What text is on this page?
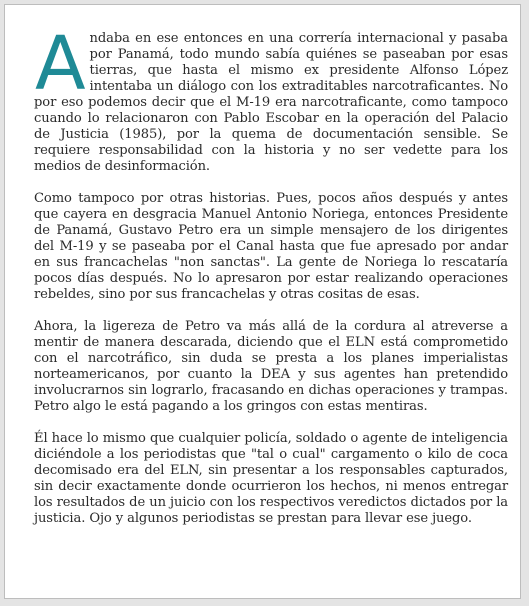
Andaba en ese entonces en una correría internacional y pasaba por Panamá, todo mundo sabía quiénes se paseaban por esas tierras, que hasta el mismo ex presidente Alfonso López intentaba un diálogo con los extraditables narcotraficantes. No por eso podemos decir que el M-19 era narcotraficante, como tampoco cuando lo relacionaron con Pablo Escobar en la operación del Palacio de Justicia (1985), por la quema de documentación sensible. Se requiere responsabilidad con la historia y no ser vedette para los medios de desinformación.

Como tampoco por otras historias. Pues, pocos años después y antes que cayera en desgracia Manuel Antonio Noriega, entonces Presidente de Panamá, Gustavo Petro era un simple mensajero de los dirigentes del M-19 y se paseaba por el Canal hasta que fue apresado por andar en sus francachelas "non sanctas". La gente de Noriega lo rescataría pocos días después. No lo apresaron por estar realizando operaciones rebeldes, sino por sus francachelas y otras cositas de esas.

Ahora, la ligereza de Petro va más allá de la cordura al atreverse a mentir de manera descarada, diciendo que el ELN está comprometido con el narcotráfico, sin duda se presta a los planes imperialistas norteamericanos, por cuanto la DEA y sus agentes han pretendido involucrarnos sin lograrlo, fracasando en dichas operaciones y trampas. Petro algo le está pagando a los gringos con estas mentiras.

Él hace lo mismo que cualquier policía, soldado o agente de inteligencia diciéndole a los periodistas que "tal o cual" cargamento o kilo de coca decomisado era del ELN, sin presentar a los responsables capturados, sin decir exactamente donde ocurrieron los hechos, ni menos entregar los resultados de un juicio con los respectivos veredictos dictados por la justicia. Ojo y algunos periodistas se prestan para llevar ese juego.
